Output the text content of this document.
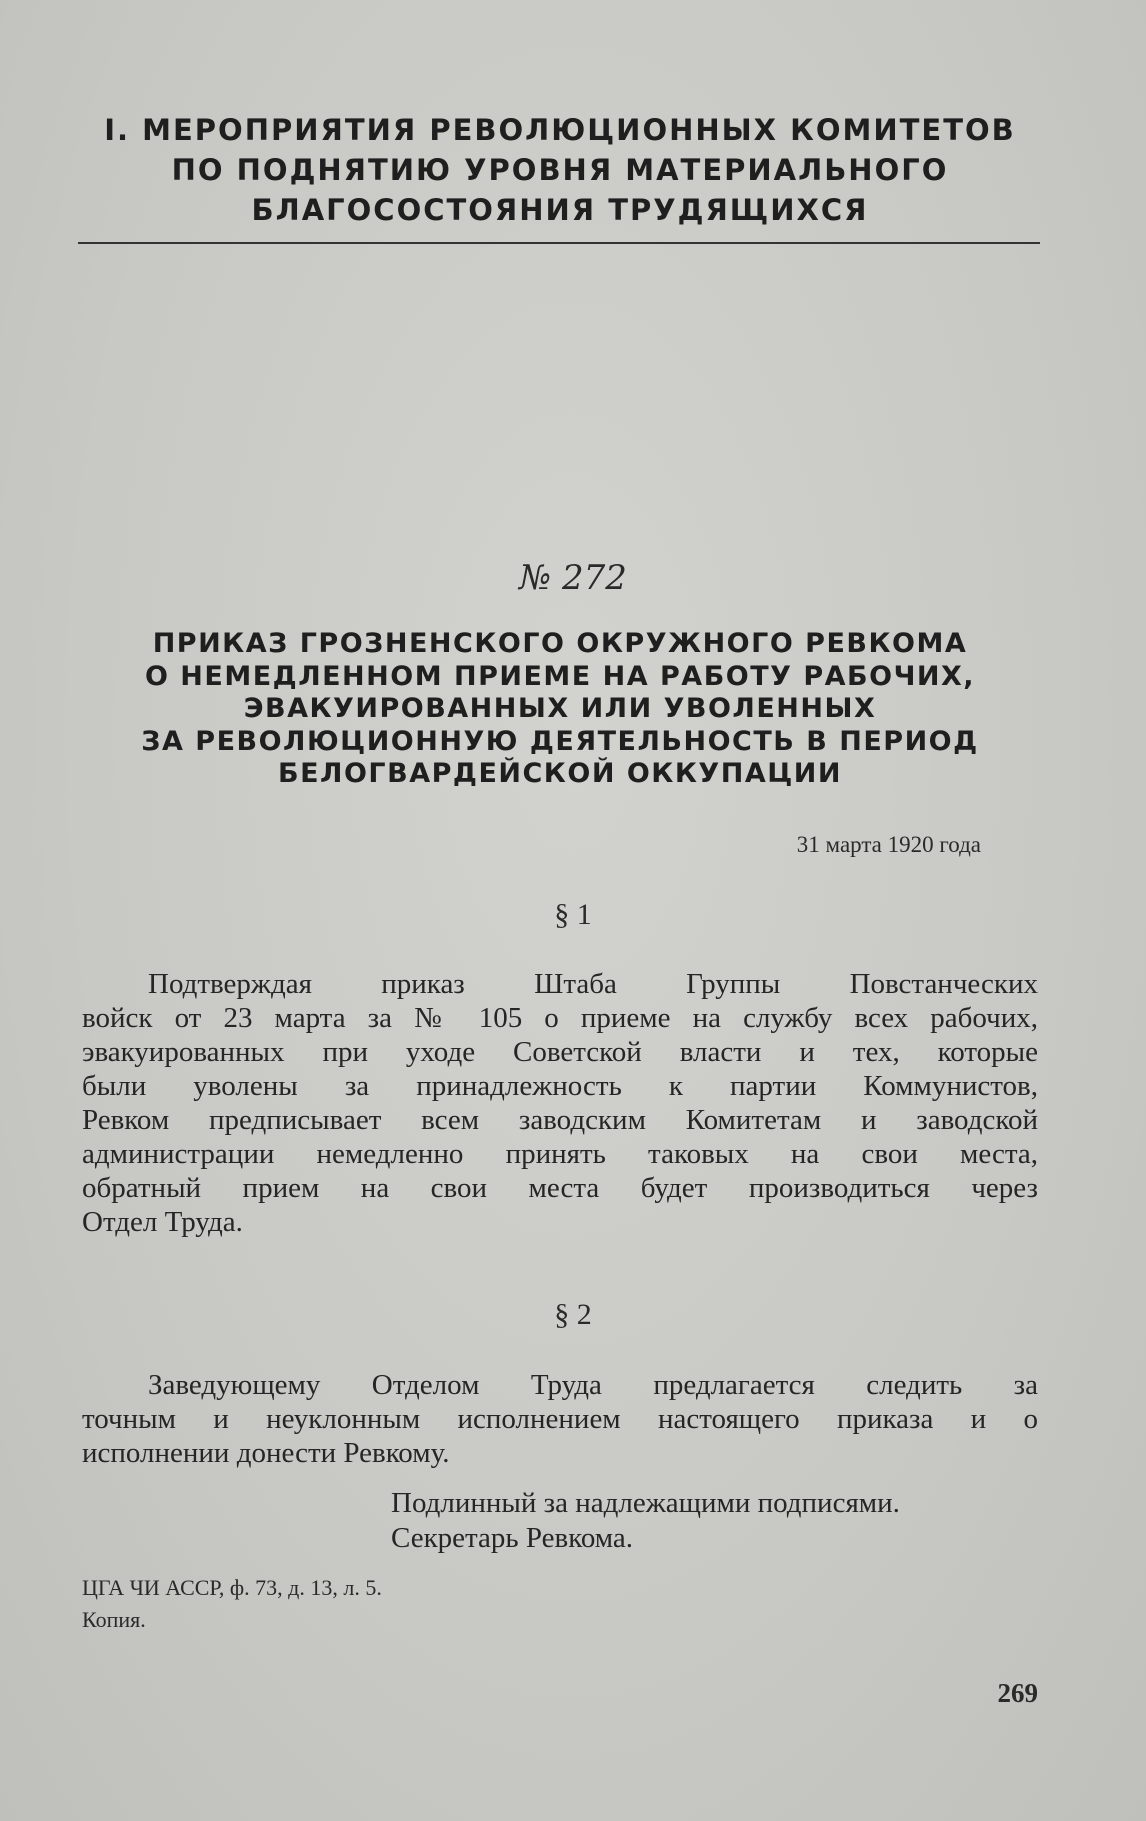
I. МЕРОПРИЯТИЯ РЕВОЛЮЦИОННЫХ КОМИТЕТОВ
ПО ПОДНЯТИЮ УРОВНЯ МАТЕРИАЛЬНОГО
БЛАГОСОСТОЯНИЯ ТРУДЯЩИХСЯ
№ 272
ПРИКАЗ ГРОЗНЕНСКОГО ОКРУЖНОГО РЕВКОМА
О НЕМЕДЛЕННОМ ПРИЕМЕ НА РАБОТУ РАБОЧИХ,
ЭВАКУИРОВАННЫХ ИЛИ УВОЛЕННЫХ
ЗА РЕВОЛЮЦИОННУЮ ДЕЯТЕЛЬНОСТЬ В ПЕРИОД
БЕЛОГВАРДЕЙСКОЙ ОККУПАЦИИ
31 марта 1920 года
§ 1
Подтверждая приказ Штаба Группы Повстанческих
войск от 23 марта за № 105 о приеме на службу всех рабочих,
эвакуированных при уходе Советской власти и тех, которые
были уволены за принадлежность к партии Коммунистов,
Ревком предписывает всем заводским Комитетам и заводской
администрации немедленно принять таковых на свои места,
обратный прием на свои места будет производиться через
Отдел Труда.
§ 2
Заведующему Отделом Труда предлагается следить за
точным и неуклонным исполнением настоящего приказа и о
исполнении донести Ревкому.
Подлинный за надлежащими подписями.
Секретарь Ревкома.
ЦГА ЧИ АССР, ф. 73, д. 13, л. 5.
Копия.
269
